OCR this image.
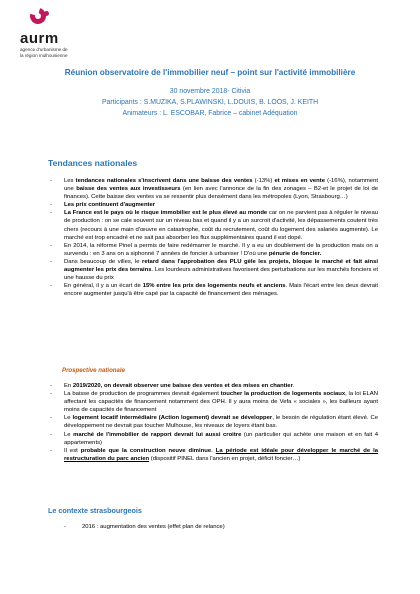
aurm
agence d'urbanisme de
la région mulhousienne
Réunion observatoire de l'immobilier neuf – point sur l'activité immobilière
30 novembre 2018- Citivia
Participants : S.MUZIKA, S.PLAWINSKI, L.DOUIS, B. LOOS, J. KEITH
Animateurs : L. ESCOBAR, Fabrice – cabinet Adéquation
Tendances nationales
- Les tendances nationales s'inscrivent dans une baisse des ventes (-13%) et mises en vente (-16%), notamment une baisse des ventes aux investisseurs (en lien avec l'annonce de la fin des zonages – B2-et le projet de loi de finances). Cette baisse des ventes va se ressentir plus densément dans les métropoles (Lyon, Strasbourg…)
- Les prix continuent d'augmenter
- La France est le pays où le risque immobilier est le plus élevé au monde car on ne parvient pas à réguler le niveau de production : on se cale souvent sur un niveau bas et quand il y a un surcroit d'activité, les dépassements coutent très chers (recours à une main d'œuvre en catastrophe, coût du recrutement, coût du logement des salariés augmente). Le marché est trop encadré et ne sait pas absorber les flux supplémentaires quand il est dopé.
- En 2014, la réforme Pinel a permis de faire redémarrer le marché. Il y a eu un doublement de la production mais on a survendu : en 3 ans on a siphonné 7 années de foncier à urbaniser ! D'où une pénurie de foncier.
- Dans beaucoup de villes, le retard dans l'approbation des PLU gèle les projets, bloque le marché et fait ainsi augmenter les prix des terrains. Les lourdeurs administratives favorisent des perturbations sur les marchés fonciers et une hausse du prix
- En général, il y a un écart de 15% entre les prix des logements neufs et anciens. Mais l'écart entre les deux devrait encore augmenter jusqu'à être capé par la capacité de financement des ménages.
Prospective nationale
- En 2019/2020, on devrait observer une baisse des ventes et des mises en chantier.
- La baisse de production de programmes devrait également toucher la production de logements sociaux, la loi ELAN affectant les capacités de financement notamment des OPH. Il y aura moins de Vefa « sociales », les bailleurs ayant moins de capacités de financement
- Le logement locatif intermédiaire (Action logement) devrait se développer, le besoin de régulation étant élevé. Ce développement ne devrait pas toucher Mulhouse, les niveaux de loyers étant bas.
- Le marché de l'immobilier de rapport devrait lui aussi croitre (un particulier qui achète une maison et en fait 4 appartements)
- Il est probable que la construction neuve diminue. La période est idéale pour développer le marché de la restructuration du parc ancien (dispositif PINEL dans l'ancien en projet, déficit foncier…)
Le contexte strasbourgeois
- 2016 : augmentation des ventes (effet plan de relance)
